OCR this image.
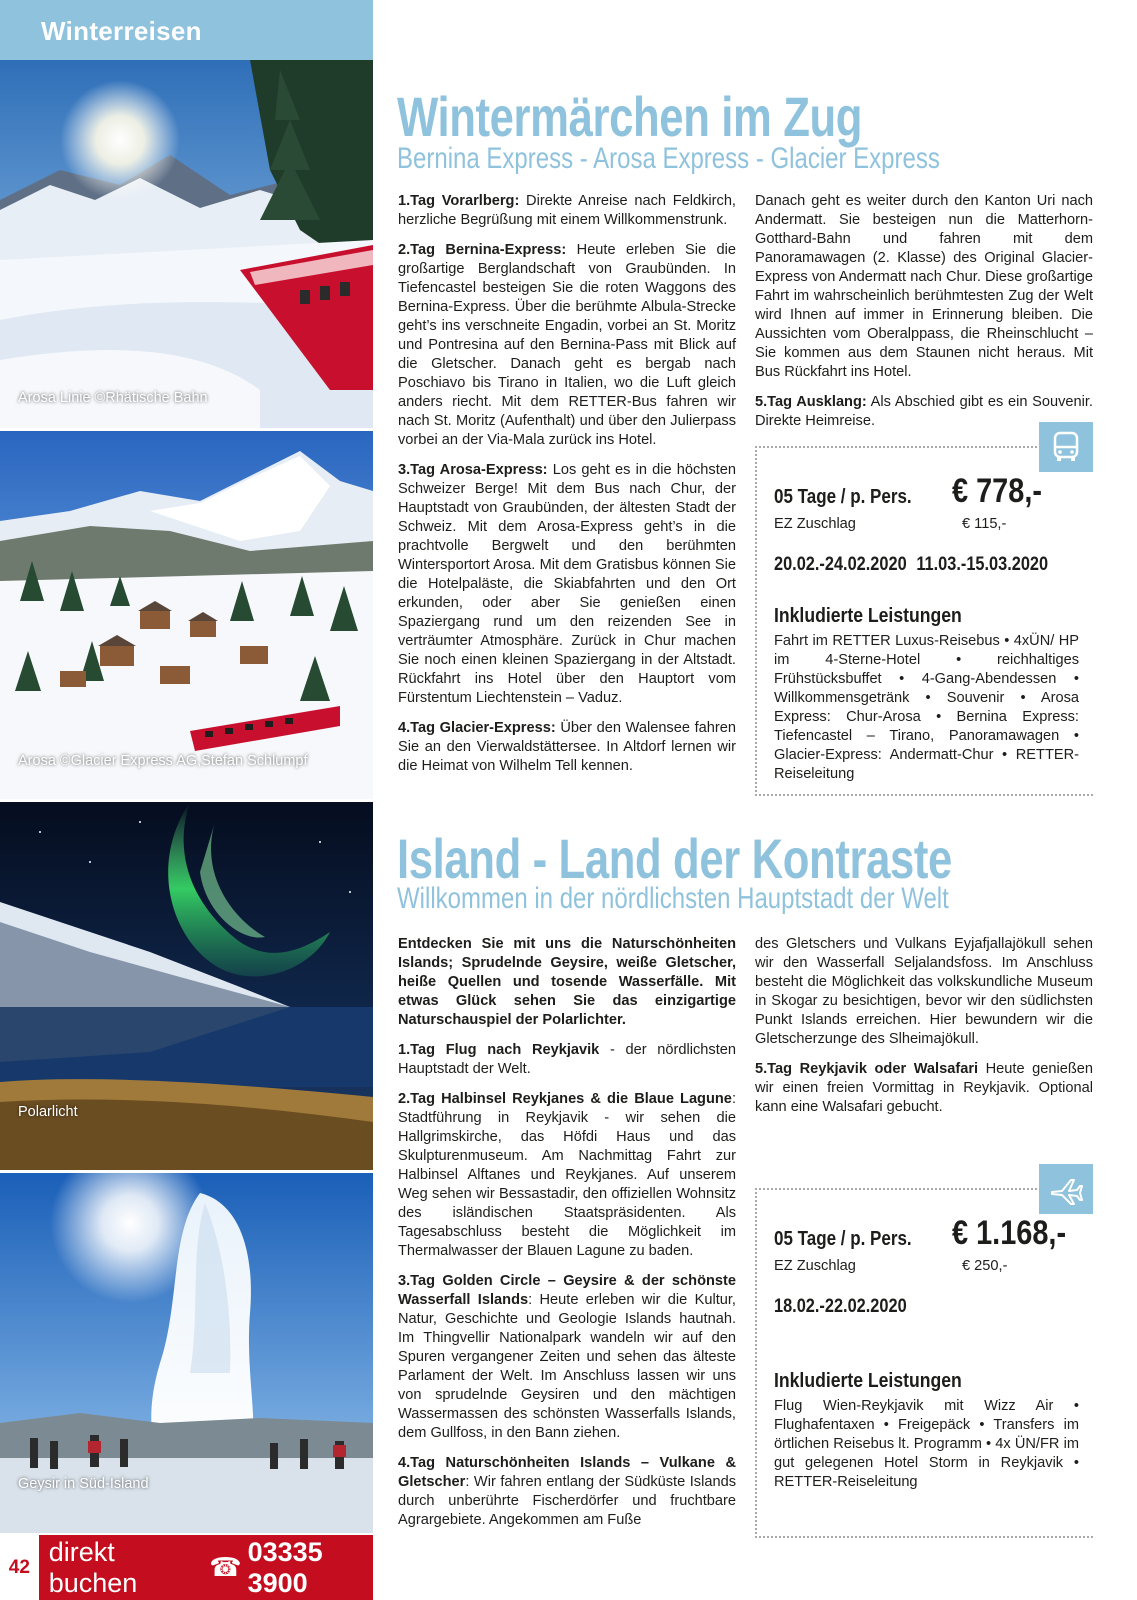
Winterreisen
Arosa Linie ©Rhätische Bahn
Arosa ©Glacier Express AG,Stefan Schlumpf
Polarlicht
Geysir in Süd-Island
42
direkt buchen
☎
03335 3900
Wintermärchen im Zug
Bernina Express - Arosa Express - Glacier Express

1.Tag Vorarlberg: Direkte Anreise nach Feldkirch, herzliche Begrüßung mit einem Willkommenstrunk.

2.Tag Bernina-Express: Heute erleben Sie die großartige Berglandschaft von Graubünden. In Tiefencastel besteigen Sie die roten Waggons des Bernina-Express. Über die berühmte Albula-Strecke geht’s ins verschneite Engadin, vorbei an St. Moritz und Pontresina auf den Bernina-Pass mit Blick auf die Gletscher. Danach geht es bergab nach Poschiavo bis Tirano in Italien, wo die Luft gleich anders riecht. Mit dem RETTER-Bus fahren wir nach St. Moritz (Aufenthalt) und über den Julierpass vorbei an der Via-Mala zurück ins Hotel.

3.Tag Arosa-Express: Los geht es in die höchsten Schweizer Berge! Mit dem Bus nach Chur, der Hauptstadt von Graubünden, der ältesten Stadt der Schweiz. Mit dem Arosa-Express geht’s in die prachtvolle Bergwelt und den berühmten Wintersportort Arosa. Mit dem Gratisbus können Sie die Hotelpaläste, die Skiabfahrten und den Ort erkunden, oder aber Sie genießen einen Spaziergang rund um den reizenden See in verträumter Atmosphäre. Zurück in Chur machen Sie noch einen kleinen Spaziergang in der Altstadt. Rückfahrt ins Hotel über den Hauptort vom Fürstentum Liechtenstein – Vaduz.

4.Tag Glacier-Express: Über den Walensee fahren Sie an den Vierwaldstättersee. In Altdorf lernen wir die Heimat von Wilhelm Tell kennen.

Danach geht es weiter durch den Kanton Uri nach Andermatt. Sie besteigen nun die Matterhorn-Gotthard-Bahn und fahren mit dem Panoramawagen (2. Klasse) des Original Glacier-Express von Andermatt nach Chur. Diese großartige Fahrt im wahrscheinlich berühmtesten Zug der Welt wird Ihnen auf immer in Erinnerung bleiben. Die Aussichten vom Oberalppass, die Rheinschlucht – Sie kommen aus dem Staunen nicht heraus. Mit Bus Rückfahrt ins Hotel.

5.Tag Ausklang: Als Abschied gibt es ein Souvenir. Direkte Heimreise.

05 Tage / p. Pers.	€ 778,-
EZ Zuschlag	€ 115,-
20.02.-24.02.2020 11.03.-15.03.2020
Inkludierte Leistungen
Fahrt im RETTER Luxus-Reisebus • 4xÜN/ HP im 4-Sterne-Hotel • reichhaltiges Frühstücksbuffet • 4-Gang-Abendessen • Willkommensgetränk • Souvenir • Arosa Express: Chur-Arosa • Bernina Express: Tiefencastel – Tirano, Panoramawagen • Glacier-Express: Andermatt-Chur • RETTER-Reiseleitung
Island - Land der Kontraste
Willkommen in der nördlichsten Hauptstadt der Welt

Entdecken Sie mit uns die Naturschönheiten Islands; Sprudelnde Geysire, weiße Gletscher, heiße Quellen und tosende Wasserfälle. Mit etwas Glück sehen Sie das einzigartige Naturschauspiel der Polarlichter.

1.Tag Flug nach Reykjavik - der nördlichsten Hauptstadt der Welt.

2.Tag Halbinsel Reykjanes & die Blaue Lagune: Stadtführung in Reykjavik - wir sehen die Hallgrimskirche, das Höfdi Haus und das Skulpturenmuseum. Am Nachmittag Fahrt zur Halbinsel Alftanes und Reykjanes. Auf unserem Weg sehen wir Bessastadir, den offiziellen Wohnsitz des isländischen Staatspräsidenten. Als Tagesabschluss besteht die Möglichkeit im Thermalwasser der Blauen Lagune zu baden.

3.Tag Golden Circle – Geysire & der schönste Wasserfall Islands: Heute erleben wir die Kultur, Natur, Geschichte und Geologie Islands hautnah. Im Thingvellir Nationalpark wandeln wir auf den Spuren vergangener Zeiten und sehen das älteste Parlament der Welt. Im Anschluss lassen wir uns von sprudelnde Geysiren und den mächtigen Wassermassen des schönsten Wasserfalls Islands, dem Gullfoss, in den Bann ziehen.

4.Tag Naturschönheiten Islands – Vulkane & Gletscher: Wir fahren entlang der Südküste Islands durch unberührte Fischerdörfer und fruchtbare Agrargebiete. Angekommen am Fuße

des Gletschers und Vulkans Eyjafjallajökull sehen wir den Wasserfall Seljalandsfoss. Im Anschluss besteht die Möglichkeit das volkskundliche Museum in Skogar zu besichtigen, bevor wir den südlichsten Punkt Islands erreichen. Hier bewundern wir die Gletscherzunge des Slheimajökull.

5.Tag Reykjavik oder Walsafari Heute genießen wir einen freien Vormittag in Reykjavik. Optional kann eine Walsafari gebucht.

05 Tage / p. Pers.	€ 1.168,-
EZ Zuschlag	€ 250,-
18.02.-22.02.2020
Inkludierte Leistungen
Flug Wien-Reykjavik mit Wizz Air • Flughafentaxen • Freigepäck • Transfers im örtlichen Reisebus lt. Programm • 4x ÜN/FR im gut gelegenen Hotel Storm in Reykjavik • RETTER-Reiseleitung
